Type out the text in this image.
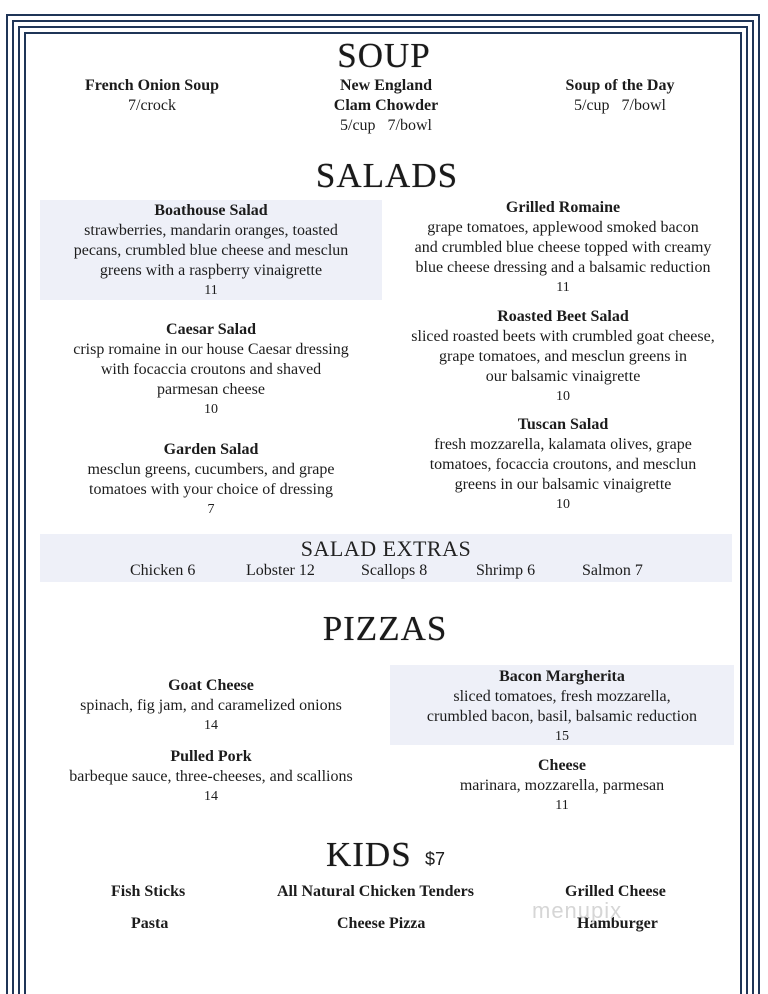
SOUP
French Onion Soup
7/crock
New England
Clam Chowder
5/cup   7/bowl
Soup of the Day
5/cup   7/bowl
SALADS
Boathouse Salad
strawberries, mandarin oranges, toasted
pecans, crumbled blue cheese and mesclun
greens with a raspberry vinaigrette
11
Grilled Romaine
grape tomatoes, applewood smoked bacon
and crumbled blue cheese topped with creamy
blue cheese dressing and a balsamic reduction
11
Caesar Salad
crisp romaine in our house Caesar dressing
with focaccia croutons and shaved
parmesan cheese
10
Roasted Beet Salad
sliced roasted beets with crumbled goat cheese,
grape tomatoes, and mesclun greens in
our balsamic vinaigrette
10
Garden Salad
mesclun greens, cucumbers, and grape
tomatoes with your choice of dressing
7
Tuscan Salad
fresh mozzarella, kalamata olives, grape
tomatoes, focaccia croutons, and mesclun
greens in our balsamic vinaigrette
10
SALAD EXTRAS
Chicken 6	Lobster 12	Scallops 8	Shrimp 6	Salmon 7
PIZZAS
Bacon Margherita
sliced tomatoes, fresh mozzarella,
crumbled bacon, basil, balsamic reduction
15
Goat Cheese
spinach, fig jam, and caramelized onions
14
Pulled Pork
barbeque sauce, three-cheeses, and scallions
14
Cheese
marinara, mozzarella, parmesan
11
KIDS $7
Fish Sticks	All Natural Chicken Tenders	Grilled Cheese
Pasta	Cheese Pizza	Hamburger
menupix
